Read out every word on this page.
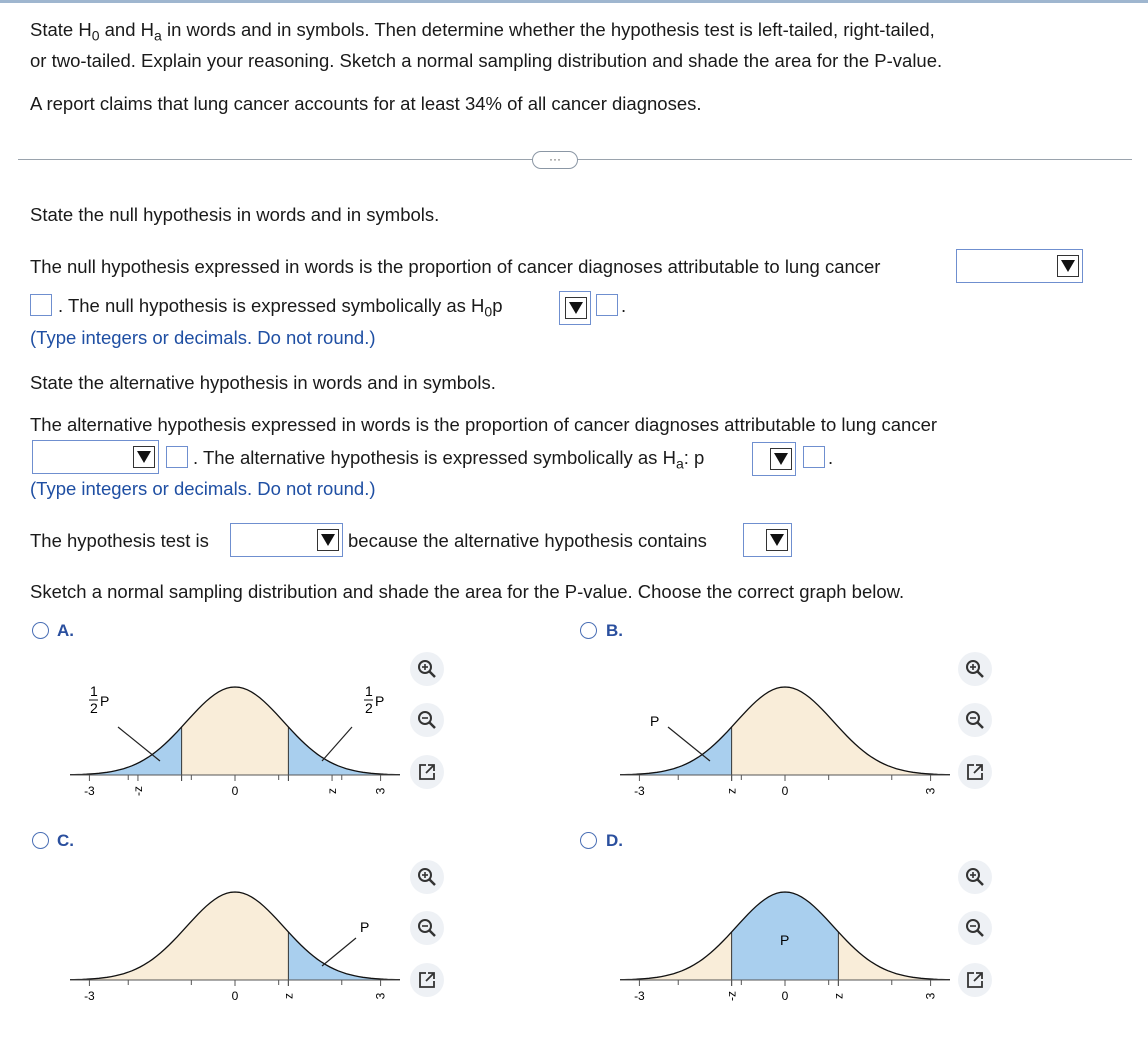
State $H_0$ and $H_a$ in words and in symbols. Then determine whether the hypothesis test is left-tailed, right-tailed,
or two-tailed. Explain your reasoning. Sketch a normal sampling distribution and shade the area for the P-value.
A report claims that lung cancer accounts for at least 34% of all cancer diagnoses.
···
State the null hypothesis in words and in symbols.
The null hypothesis expressed in words is the proportion of cancer diagnoses attributable to lung cancer
. The null hypothesis is expressed symbolically as $H_0p$	.
(Type integers or decimals. Do not round.)
State the alternative hypothesis in words and in symbols.
The alternative hypothesis expressed in words is the proportion of cancer diagnoses attributable to lung cancer
. The alternative hypothesis is expressed symbolically as $H_a$: p	.
(Type integers or decimals. Do not round.)
The hypothesis test is	because the alternative hypothesis contains
Sketch a normal sampling distribution and shade the area for the P-value. Choose the correct graph below.
A.
1
2 P
1
2 P
-3	-z	0	z	3
B.
P
-3	z	0	3
C.
P
-3	0	z	3
D.
P
-3	-z	0	z	3
